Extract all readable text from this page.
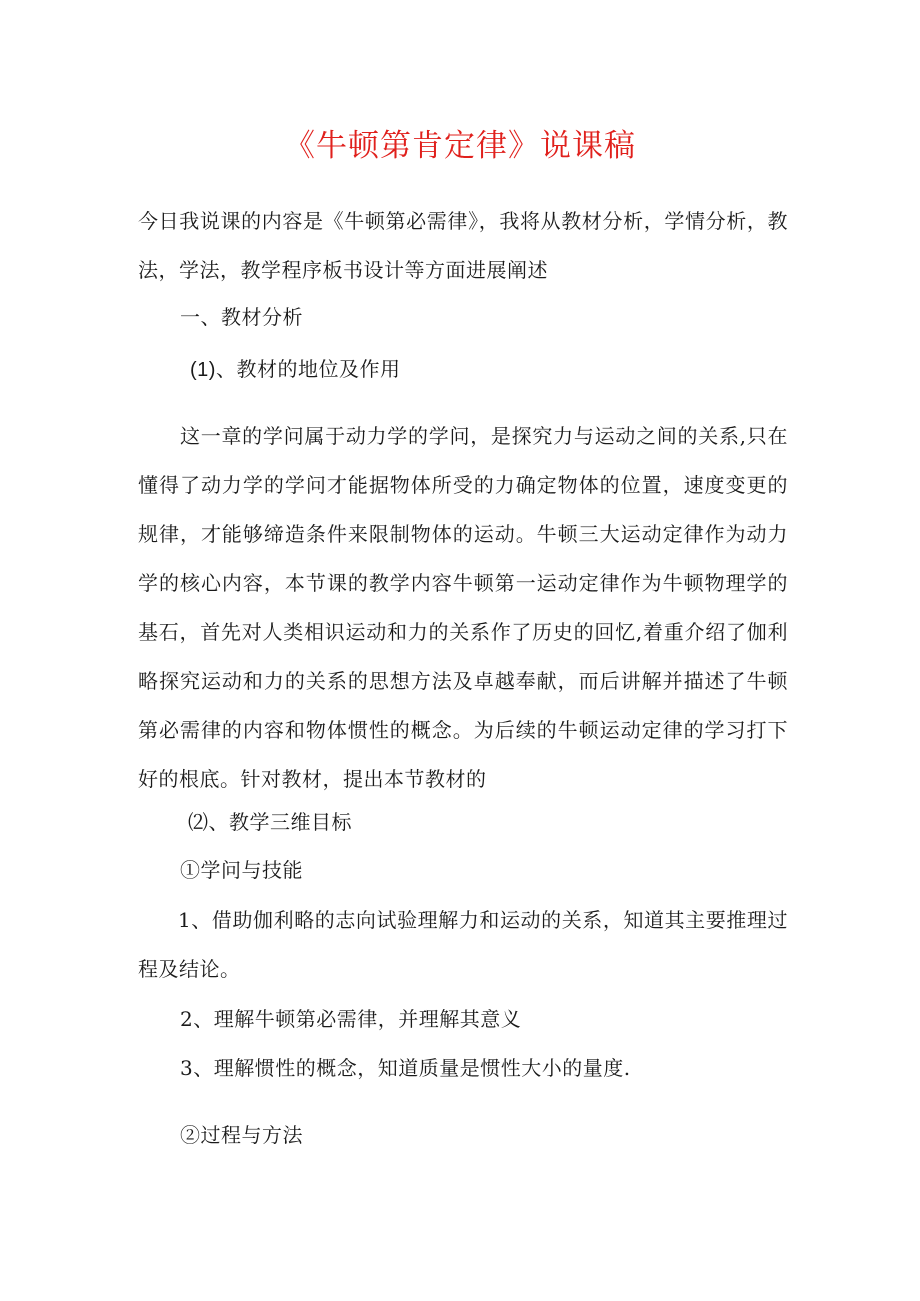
《牛顿第肯定律》说课稿
今日我说课的内容是《牛顿第必需律》，我将从教材分析，学情分析，教法，学法，教学程序板书设计等方面进展阐述
一、教材分析
(1)、教材的地位及作用
这一章的学问属于动力学的学问，是探究力与运动之间的关系,只在懂得了动力学的学问才能据物体所受的力确定物体的位置，速度变更的规律，才能够缔造条件来限制物体的运动。牛顿三大运动定律作为动力学的核心内容，本节课的教学内容牛顿第一运动定律作为牛顿物理学的基石，首先对人类相识运动和力的关系作了历史的回忆,着重介绍了伽利略探究运动和力的关系的思想方法及卓越奉献，而后讲解并描述了牛顿第必需律的内容和物体惯性的概念。为后续的牛顿运动定律的学习打下好的根底。针对教材，提出本节教材的
⑵、教学三维目标
①学问与技能
1、借助伽利略的志向试验理解力和运动的关系，知道其主要推理过程及结论。
2、理解牛顿第必需律，并理解其意义
3、理解惯性的概念，知道质量是惯性大小的量度.
②过程与方法
